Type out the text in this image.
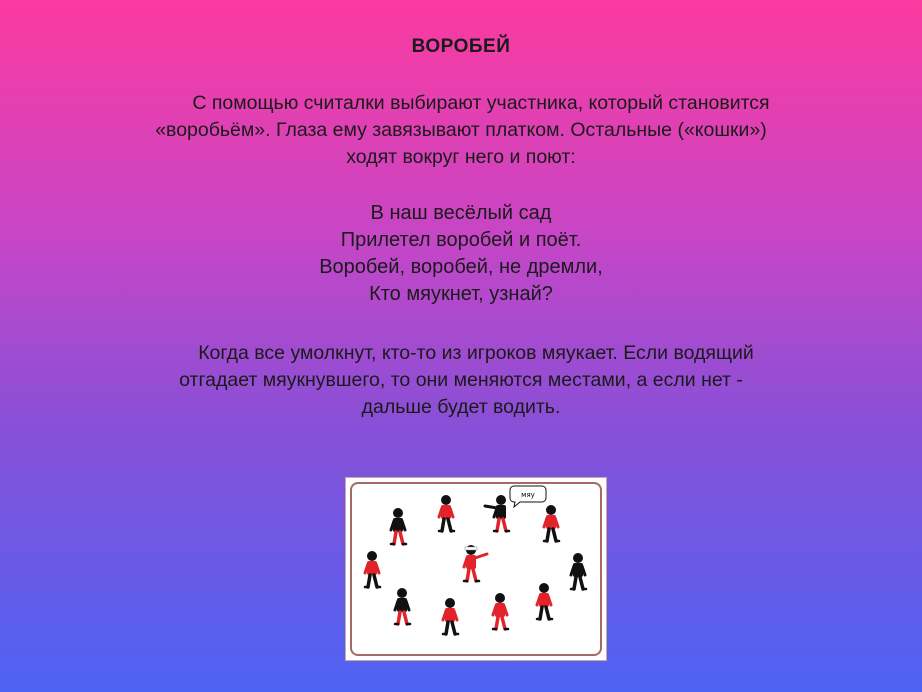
ВОРОБЕЙ
С помощью считалки выбирают участника, который становится
«воробьём». Глаза ему завязывают платком. Остальные («кошки»)
ходят вокруг него и поют:
В наш весёлый сад
Прилетел воробей и поёт.
Воробей, воробей, не дремли,
Кто мяукнет, узнай?
Когда все умолкнут, кто-то из игроков мяукает. Если водящий
отгадает мяукнувшего, то они меняются местами, а если нет -
дальше будет водить.
мяу
